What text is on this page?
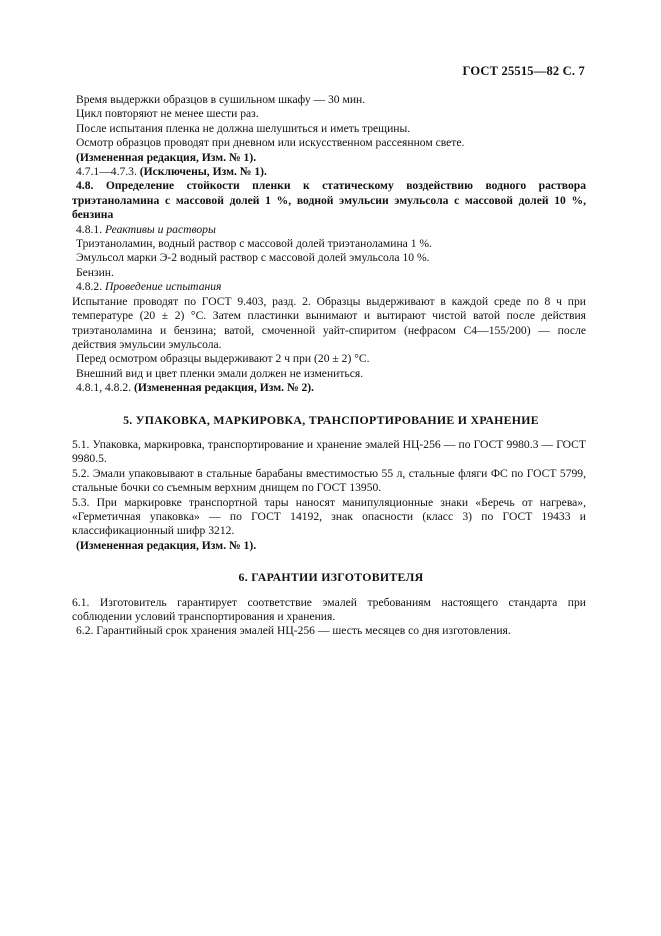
ГОСТ 25515—82 С. 7

Время выдержки образцов в сушильном шкафу — 30 мин.

Цикл повторяют не менее шести раз.

После испытания пленка не должна шелушиться и иметь трещины.

Осмотр образцов проводят при дневном или искусственном рассеянном свете.

(Измененная редакция, Изм. № 1).

4.7.1—4.7.3. (Исключены, Изм. № 1).

4.8. Определение стойкости пленки к статическому воздействию водного раствора триэтаноламина с массовой долей 1 %, водной эмульсии эмульсола с массовой долей 10 %, бензина

4.8.1. Реактивы и растворы

Триэтаноламин, водный раствор с массовой долей триэтаноламина 1 %.

Эмульсол марки Э-2 водный раствор с массовой долей эмульсола 10 %.

Бензин.

4.8.2. Проведение испытания

Испытание проводят по ГОСТ 9.403, разд. 2. Образцы выдерживают в каждой среде по 8 ч при температуре (20 ± 2) °С. Затем пластинки вынимают и вытирают чистой ватой после действия триэтаноламина и бензина; ватой, смоченной уайт-спиритом (нефрасом С4—155/200) — после действия эмульсии эмульсола.

Перед осмотром образцы выдерживают 2 ч при (20 ± 2) °С.

Внешний вид и цвет пленки эмали должен не измениться.

4.8.1, 4.8.2. (Измененная редакция, Изм. № 2).

5. УПАКОВКА, МАРКИРОВКА, ТРАНСПОРТИРОВАНИЕ И ХРАНЕНИЕ

5.1. Упаковка, маркировка, транспортирование и хранение эмалей НЦ-256 — по ГОСТ 9980.3 — ГОСТ 9980.5.

5.2. Эмали упаковывают в стальные барабаны вместимостью 55 л, стальные фляги ФС по ГОСТ 5799, стальные бочки со съемным верхним днищем по ГОСТ 13950.

5.3. При маркировке транспортной тары наносят манипуляционные знаки «Беречь от нагрева», «Герметичная упаковка» — по ГОСТ 14192, знак опасности (класс 3) по ГОСТ 19433 и классификационный шифр 3212.

(Измененная редакция, Изм. № 1).

6. ГАРАНТИИ ИЗГОТОВИТЕЛЯ

6.1. Изготовитель гарантирует соответствие эмалей требованиям настоящего стандарта при соблюдении условий транспортирования и хранения.

6.2. Гарантийный срок хранения эмалей НЦ-256 — шесть месяцев со дня изготовления.
